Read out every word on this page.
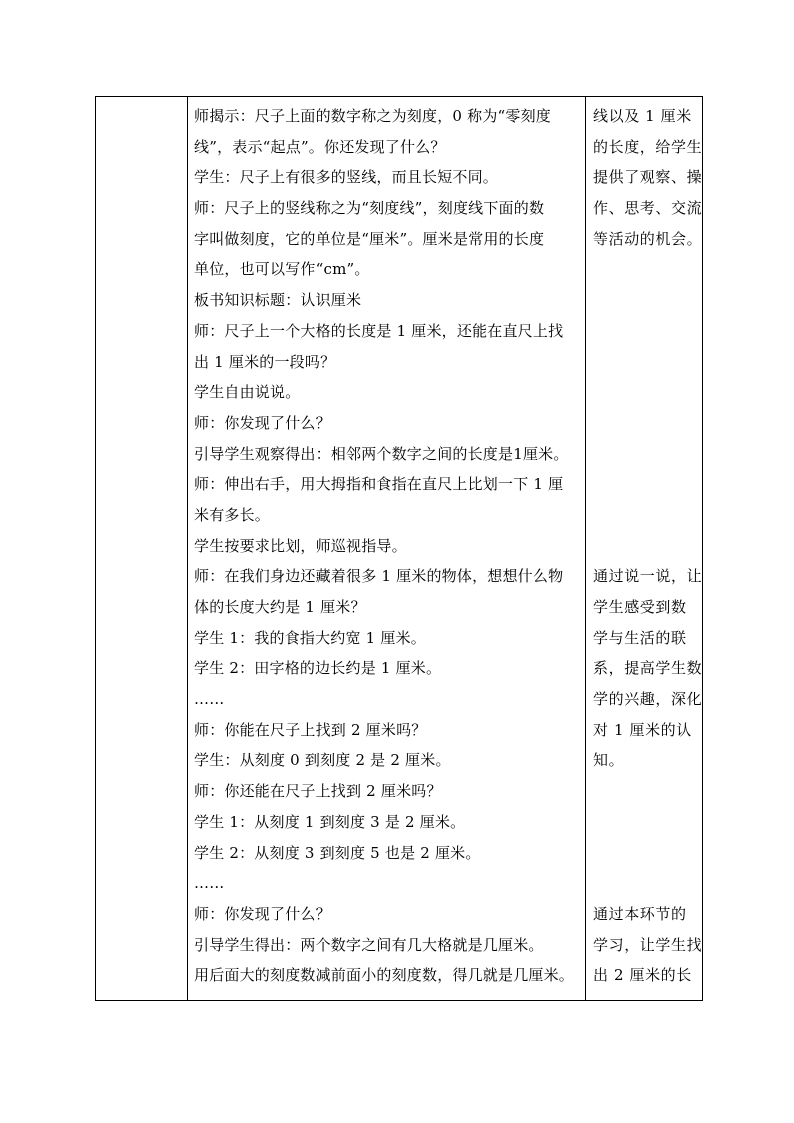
师揭示：尺子上面的数字称之为刻度，0 称为“零刻度
线”，表示“起点”。你还发现了什么？
学生：尺子上有很多的竖线，而且长短不同。
师：尺子上的竖线称之为“刻度线”，刻度线下面的数
字叫做刻度，它的单位是“厘米”。厘米是常用的长度
单位，也可以写作“cm”。
板书知识标题：认识厘米
师：尺子上一个大格的长度是 1 厘米，还能在直尺上找
出 1 厘米的一段吗？
学生自由说说。
师：你发现了什么？
引导学生观察得出：相邻两个数字之间的长度是1厘米。
师：伸出右手，用大拇指和食指在直尺上比划一下 1 厘
米有多长。
学生按要求比划，师巡视指导。
师：在我们身边还藏着很多 1 厘米的物体，想想什么物
体的长度大约是 1 厘米？
学生 1：我的食指大约宽 1 厘米。
学生 2：田字格的边长约是 1 厘米。
……
师：你能在尺子上找到 2 厘米吗？
学生：从刻度 0 到刻度 2 是 2 厘米。
师：你还能在尺子上找到 2 厘米吗？
学生 1：从刻度 1 到刻度 3 是 2 厘米。
学生 2：从刻度 3 到刻度 5 也是 2 厘米。
……
师：你发现了什么？
引导学生得出：两个数字之间有几大格就是几厘米。
用后面大的刻度数减前面小的刻度数，得几就是几厘米。

线以及 1 厘米
的长度，给学生
提供了观察、操
作、思考、交流
等活动的机会。
通过说一说，让
学生感受到数
学与生活的联
系，提高学生数
学的兴趣，深化
对 1 厘米的认
知。
通过本环节的
学习，让学生找
出 2 厘米的长
